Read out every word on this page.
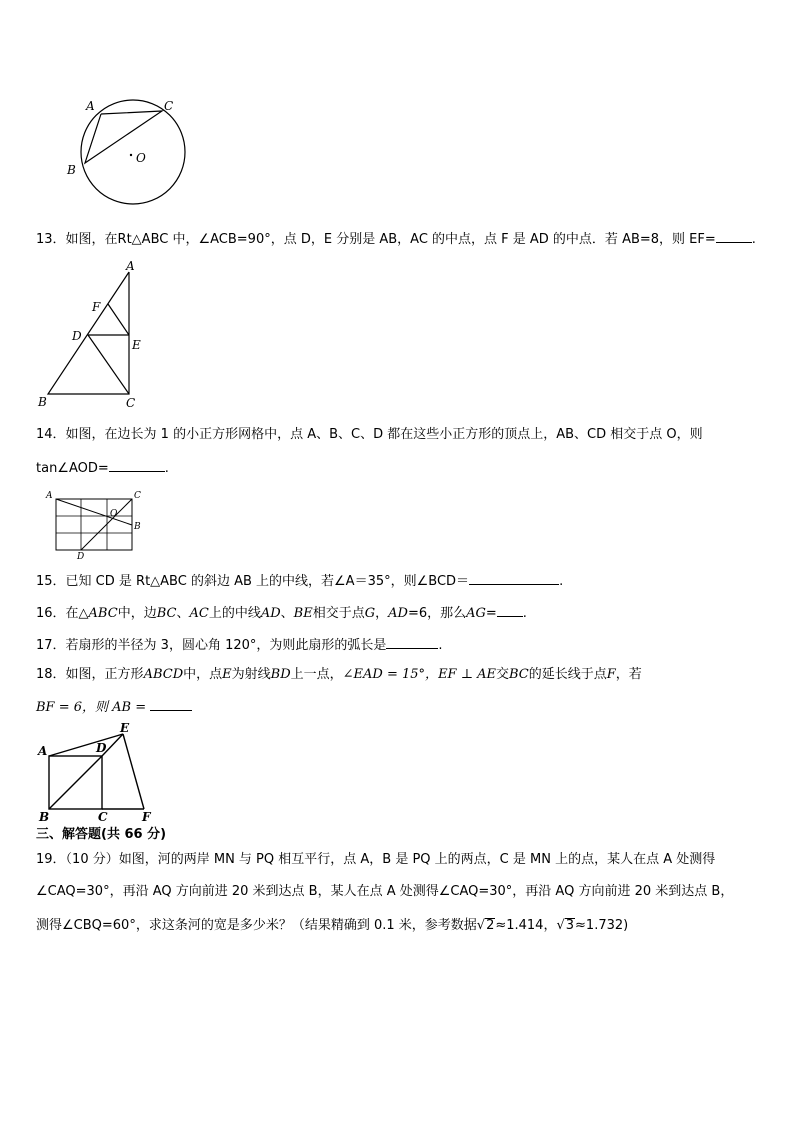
A	C
B
O
13．如图，在Rt△ABC 中，∠ACB=90°，点 D，E 分别是 AB，AC 的中点，点 F 是 AD 的中点．若 AB=8，则 EF=	.
A
F
D
E
B	C
14．如图，在边长为 1 的小正方形网格中，点 A、B、C、D 都在这些小正方形的顶点上，AB、CD 相交于点 O，则
tan∠AOD=	.
A	C
O
B
D
15．已知 CD 是 Rt△ABC 的斜边 AB 上的中线，若∠A＝35°，则∠BCD＝	.
16．在△ABC中，边BC、AC上的中线AD、BE相交于点G，AD=6，那么AG= .
17．若扇形的半径为 3，圆心角 120°，为则此扇形的弧长是	.
18．如图，正方形ABCD中，点E为射线BD上一点，∠EAD = 15°，EF ⊥ AE交BC的延长线于点F，若
BF = 6，则 AB =
A	D
E
B	C	F
三、解答题(共 66 分)
19．（10 分）如图，河的两岸 MN 与 PQ 相互平行，点 A，B 是 PQ 上的两点，C 是 MN 上的点，某人在点 A 处测得
∠CAQ=30°，再沿 AQ 方向前进 20 米到达点 B，某人在点 A 处测得∠CAQ=30°，再沿 AQ 方向前进 20 米到达点 B，
测得∠CBQ=60°，求这条河的宽是多少米？（结果精确到 0.1 米，参考数据√2≈1.414，√3≈1.732)
